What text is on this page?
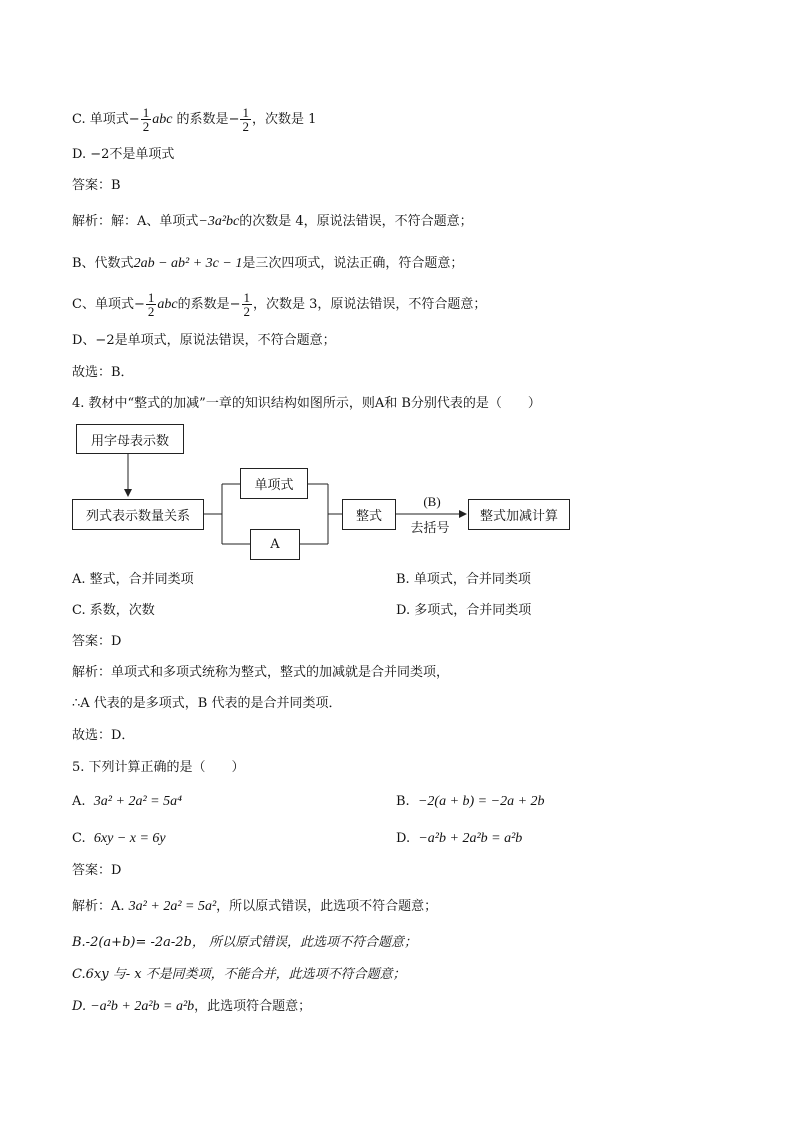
C. 单项式− $\frac{1}{2}$ abc 的系数是− $\frac{1}{2}$ ，次数是 1
D. −2不是单项式
答案：B
解析：解：A、单项式−3a²bc的次数是 4，原说法错误，不符合题意；
B、代数式2ab − ab² + 3c − 1是三次四项式，说法正确，符合题意；
C、单项式− $\frac{1}{2}$ abc的系数是− $\frac{1}{2}$ ，次数是 3，原说法错误，不符合题意；
D、−2是单项式，原说法错误，不符合题意；
故选：B．
4. 教材中“整式的加减”一章的知识结构如图所示，则A和 B分别代表的是（　　）
用字母表示数
列式表示数量关系
单项式
A
整式	整式加减计算
(B)
去括号
A. 整式，合并同类项	B. 单项式，合并同类项
C. 系数，次数	D. 多项式，合并同类项
答案：D
解析：单项式和多项式统称为整式，整式的加减就是合并同类项，
∴A 代表的是多项式，B 代表的是合并同类项．
故选：D．
5. 下列计算正确的是（　　）
A. 3a² + 2a² = 5a⁴	B. −2(a + b) = −2a + 2b
C. 6xy − x = 6y	D. −a²b + 2a²b = a²b
答案：D
解析：A. 3a² + 2a² = 5a²，所以原式错误，此选项不符合题意；
B.-2(a+b)= -2a-2b， 所以原式错误，此选项不符合题意；
C.6xy 与- x 不是同类项，不能合并，此选项不符合题意；
D. −a²b + 2a²b = a²b，此选项符合题意；
